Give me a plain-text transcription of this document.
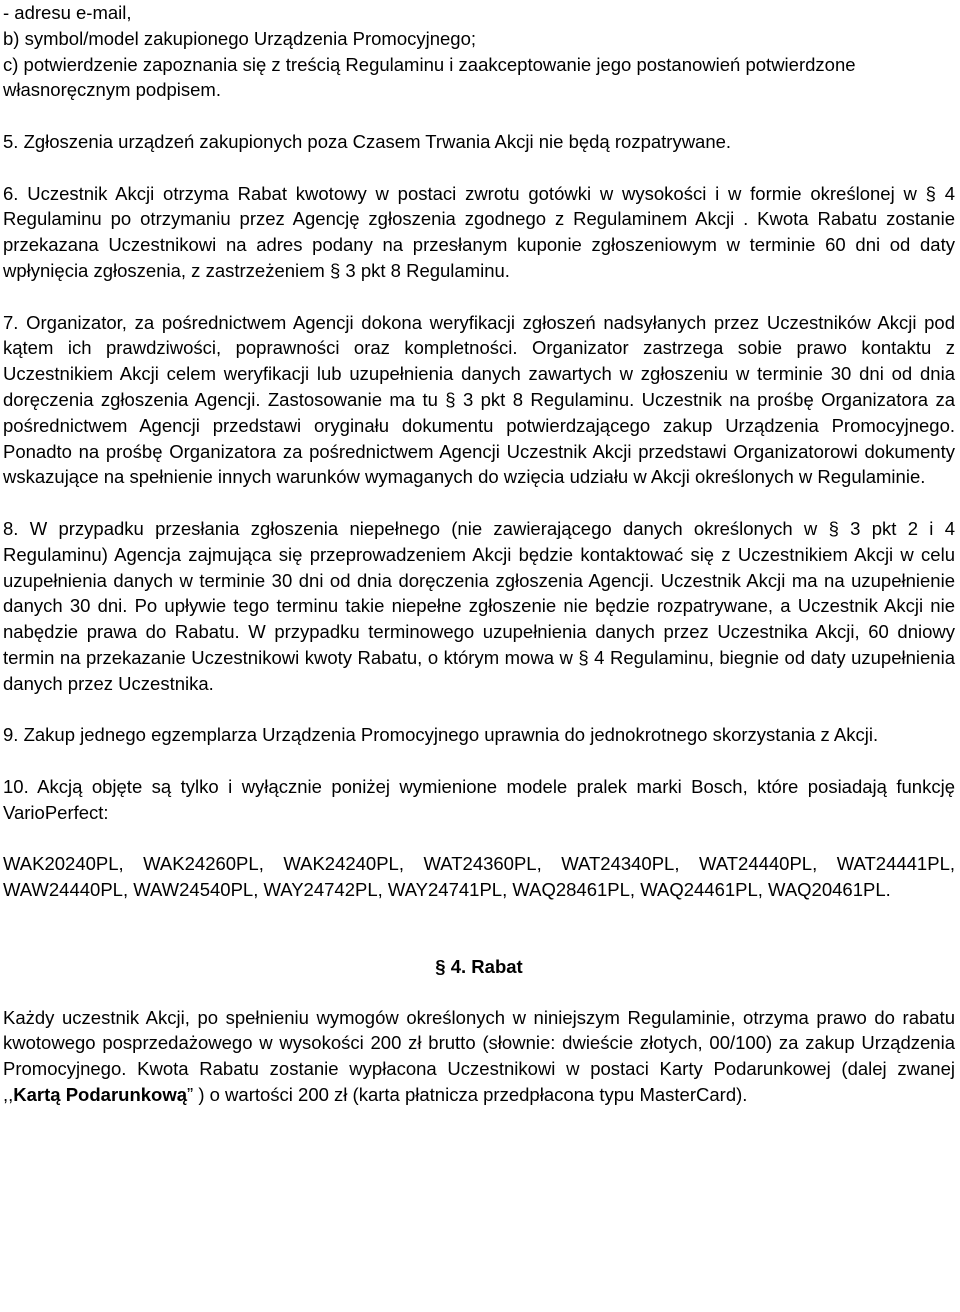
- adresu e-mail,

b) symbol/model zakupionego Urządzenia Promocyjnego;

c) potwierdzenie zapoznania się z treścią Regulaminu i zaakceptowanie jego postanowień potwierdzone własnoręcznym podpisem.

5. Zgłoszenia urządzeń zakupionych poza Czasem Trwania Akcji nie będą rozpatrywane.

6. Uczestnik Akcji otrzyma Rabat kwotowy w postaci zwrotu gotówki w wysokości i w formie określonej w § 4 Regulaminu po otrzymaniu przez Agencję zgłoszenia zgodnego z Regulaminem Akcji . Kwota Rabatu zostanie przekazana Uczestnikowi na adres podany na przesłanym kuponie zgłoszeniowym w terminie 60 dni od daty wpłynięcia zgłoszenia, z zastrzeżeniem § 3 pkt 8 Regulaminu.

7. Organizator, za pośrednictwem Agencji dokona weryfikacji zgłoszeń nadsyłanych przez Uczestników Akcji pod kątem ich prawdziwości, poprawności oraz kompletności. Organizator zastrzega sobie prawo kontaktu z Uczestnikiem Akcji celem weryfikacji lub uzupełnienia danych zawartych w zgłoszeniu w terminie 30 dni od dnia doręczenia zgłoszenia Agencji. Zastosowanie ma tu § 3 pkt 8 Regulaminu. Uczestnik na prośbę Organizatora za pośrednictwem Agencji przedstawi oryginału dokumentu potwierdzającego zakup Urządzenia Promocyjnego. Ponadto na prośbę Organizatora za pośrednictwem Agencji Uczestnik Akcji przedstawi Organizatorowi dokumenty wskazujące na spełnienie innych warunków wymaganych do wzięcia udziału w Akcji określonych w Regulaminie.

8. W przypadku przesłania zgłoszenia niepełnego (nie zawierającego danych określonych w § 3 pkt 2 i 4 Regulaminu) Agencja zajmująca się przeprowadzeniem Akcji będzie kontaktować się z Uczestnikiem Akcji w celu uzupełnienia danych w terminie 30 dni od dnia doręczenia zgłoszenia Agencji. Uczestnik Akcji ma na uzupełnienie danych 30 dni. Po upływie tego terminu takie niepełne zgłoszenie nie będzie rozpatrywane, a Uczestnik Akcji nie nabędzie prawa do Rabatu. W przypadku terminowego uzupełnienia danych przez Uczestnika Akcji, 60 dniowy termin na przekazanie Uczestnikowi kwoty Rabatu, o którym mowa w § 4 Regulaminu, biegnie od daty uzupełnienia danych przez Uczestnika.

9. Zakup jednego egzemplarza Urządzenia Promocyjnego uprawnia do jednokrotnego skorzystania z Akcji.

10. Akcją objęte są tylko i wyłącznie poniżej wymienione modele pralek marki Bosch, które posiadają funkcję VarioPerfect:

WAK20240PL, WAK24260PL, WAK24240PL, WAT24360PL, WAT24340PL, WAT24440PL, WAT24441PL, WAW24440PL, WAW24540PL, WAY24742PL, WAY24741PL, WAQ28461PL, WAQ24461PL, WAQ20461PL.

§ 4. Rabat

Każdy uczestnik Akcji, po spełnieniu wymogów określonych w niniejszym Regulaminie, otrzyma prawo do rabatu kwotowego posprzedażowego w wysokości 200 zł brutto (słownie: dwieście złotych, 00/100) za zakup Urządzenia Promocyjnego. Kwota Rabatu zostanie wypłacona Uczestnikowi w postaci Karty Podarunkowej (dalej zwanej ,,Kartą Podarunkową” ) o wartości 200 zł (karta płatnicza przedpłacona typu MasterCard).
